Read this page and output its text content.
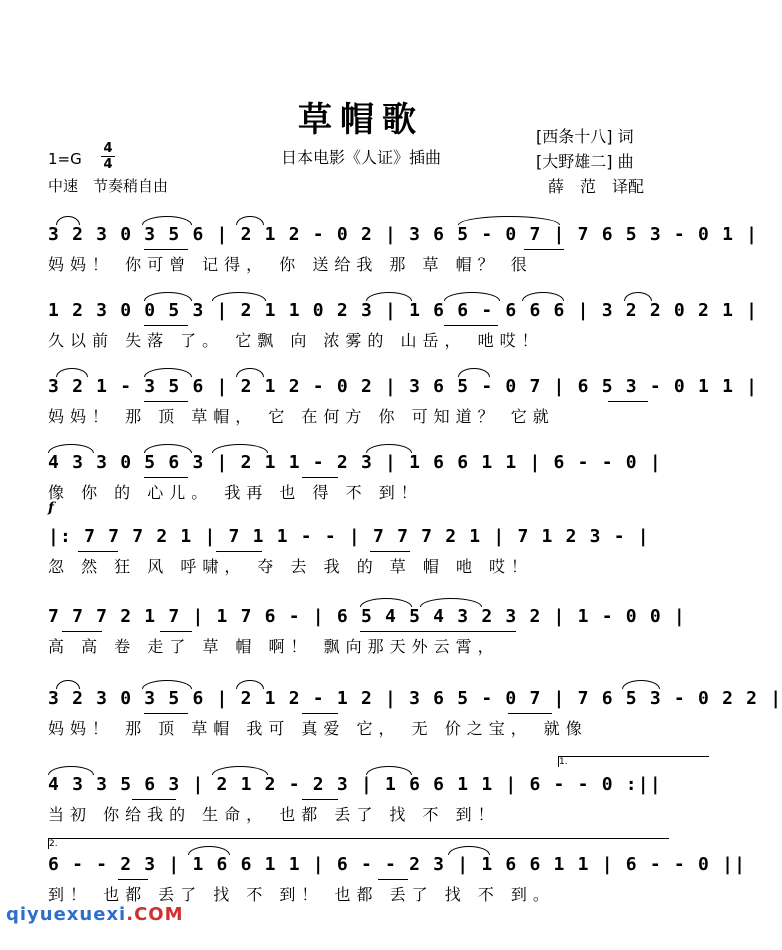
草帽歌
日本电影《人证》插曲
[西条十八] 词
[大野雄二] 曲
薛　范　译配
1=G
4
4
中速　节奏稍自由
f
3 2 3 0 3 5 6 | 2 1 2 - 0 2 | 3 6 5 - 0 7 | 7 6 5 3 - 0 1 |
妈妈！ 你可曾 记得， 你 送给我 那 草 帽？ 很
1 2 3 0 0 5 3 | 2 1 1 0 2 3 | 1 6 6 - 6 6 6 | 3 2 2 0 2 1 |
久以前 失落 了。 它飘 向 浓雾的 山岳， 吔哎！
3 2 1 - 3 5 6 | 2 1 2 - 0 2 | 3 6 5 - 0 7 | 6 5 3 - 0 1 1 |
妈妈！ 那 顶 草帽， 它 在何方 你 可知道？ 它就
4 3 3 0 5 6 3 | 2 1 1 - 2 3 | 1 6 6 1 1 | 6 - - 0 |
像 你 的 心儿。 我再 也 得 不 到！
|: 7 7 7 2 1 | 7 1 1 - - | 7 7 7 2 1 | 7 1 2 3 - |
忽 然 狂 风 呼啸， 夺 去 我 的 草 帽 吔 哎！
7 7 7 2 1 7 | 1 7 6 - | 6 5 4 5 4 3 2 3 2 | 1 - 0 0 |
高 高 卷 走了 草 帽 啊！ 飘向那天外云霄，
3 2 3 0 3 5 6 | 2 1 2 - 1 2 | 3 6 5 - 0 7 | 7 6 5 3 - 0 2 2 |
妈妈！ 那 顶 草帽 我可 真爱 它， 无 价之宝， 就像
4 3 3 5 6 3 | 2 1 2 - 2 3 | 1 6 6 1 1 | 6 - - 0 :||
当初 你给我的 生命， 也都 丢了 找 不 到！
1.
6 - - 2 3 | 1 6 6 1 1 | 6 - - 2 3 | 1 6 6 1 1 | 6 - - 0 ||
到！ 也都 丢了 找 不 到！ 也都 丢了 找 不 到。
2.
qiyuexuexi.COM
